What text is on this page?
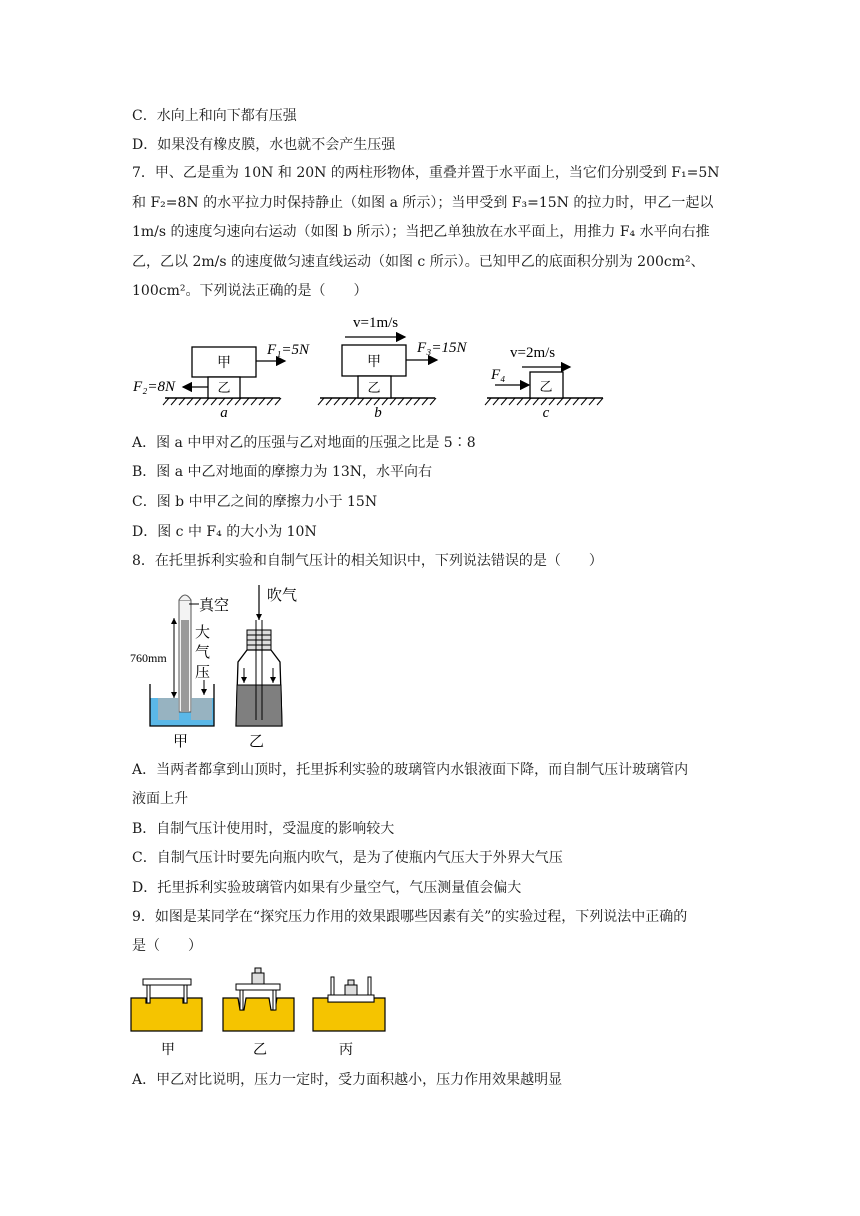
C．水向上和向下都有压强
D．如果没有橡皮膜，水也就不会产生压强
7．甲、乙是重为 10N 和 20N 的两柱形物体，重叠并置于水平面上，当它们分别受到 F₁=5N
和 F₂=8N 的水平拉力时保持静止（如图 a 所示）；当甲受到 F₃=15N 的拉力时，甲乙一起以
1m/s 的速度匀速向右运动（如图 b 所示）；当把乙单独放在水平面上，用推力 F₄ 水平向右推
乙，乙以 2m/s 的速度做匀速直线运动（如图 c 所示）。已知甲乙的底面积分别为 200cm²、
100cm²。下列说法正确的是（　　）
甲
乙
F₁=5N
F₂=8N
a
v=1m/s
甲
乙
F₃=15N
b
v=2m/s
乙
F₄
c
A．图 a 中甲对乙的压强与乙对地面的压强之比是 5∶8
B．图 a 中乙对地面的摩擦力为 13N，水平向右
C．图 b 中甲乙之间的摩擦力小于 15N
D．图 c 中 F₄ 的大小为 10N
8．在托里拆利实验和自制气压计的相关知识中，下列说法错误的是（　　）
真空
760mm
大
气
压
甲
吹气
乙
A．当两者都拿到山顶时，托里拆利实验的玻璃管内水银液面下降，而自制气压计玻璃管内
液面上升
B．自制气压计使用时，受温度的影响较大
C．自制气压计时要先向瓶内吹气，是为了使瓶内气压大于外界大气压
D．托里拆利实验玻璃管内如果有少量空气，气压测量值会偏大
9．如图是某同学在“探究压力作用的效果跟哪些因素有关”的实验过程，下列说法中正确的
是（　　）
甲	乙	丙
A．甲乙对比说明，压力一定时，受力面积越小，压力作用效果越明显
